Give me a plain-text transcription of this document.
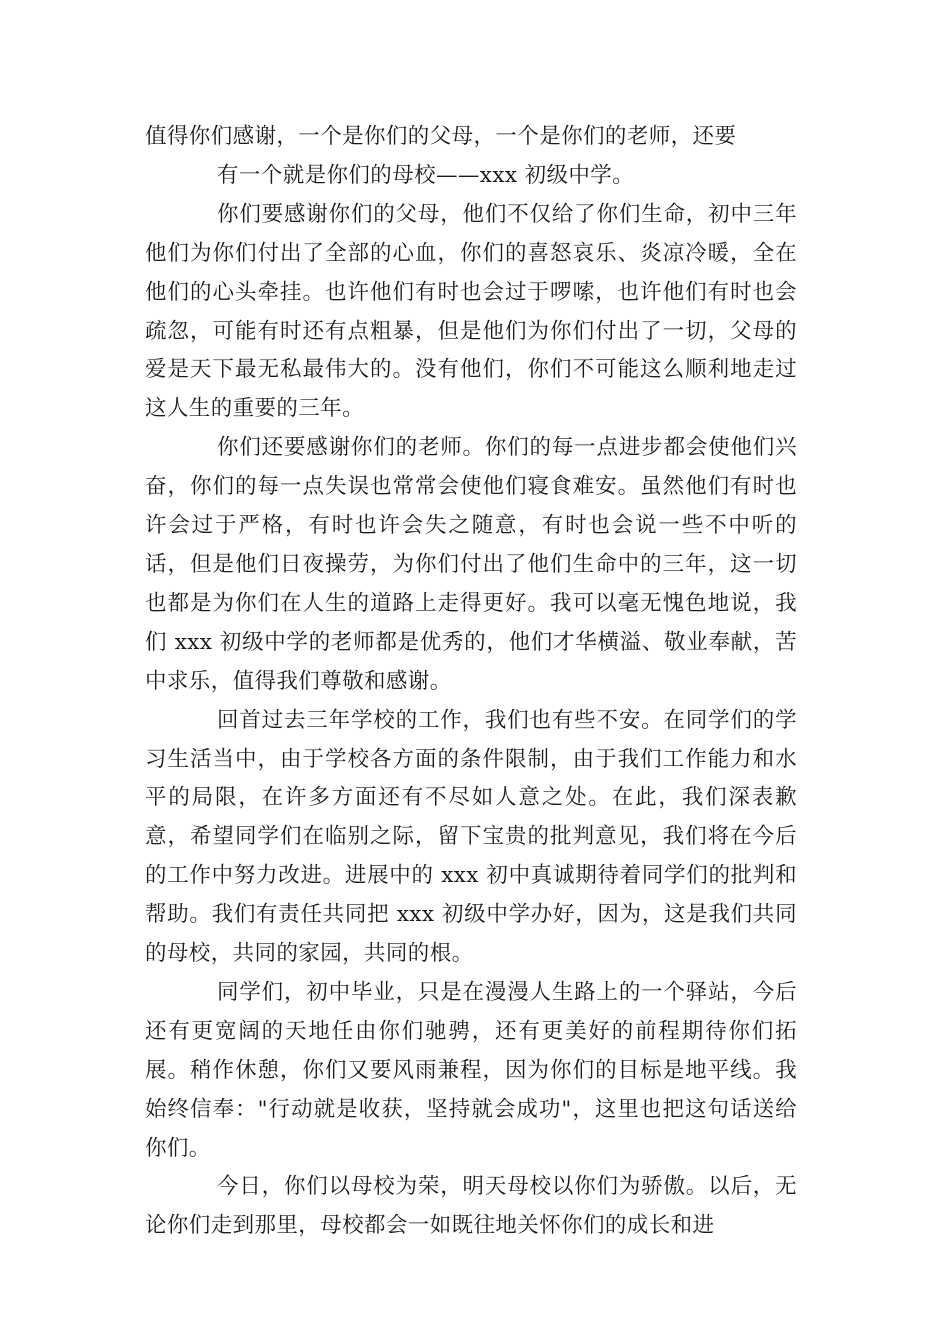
值得你们感谢，一个是你们的父母，一个是你们的老师，还要

有一个就是你们的母校——xxx 初级中学。

你们要感谢你们的父母，他们不仅给了你们生命，初中三年他们为你们付出了全部的心血，你们的喜怒哀乐、炎凉冷暖，全在他们的心头牵挂。也许他们有时也会过于啰嗦，也许他们有时也会疏忽，可能有时还有点粗暴，但是他们为你们付出了一切，父母的爱是天下最无私最伟大的。没有他们，你们不可能这么顺利地走过这人生的重要的三年。

你们还要感谢你们的老师。你们的每一点进步都会使他们兴奋，你们的每一点失误也常常会使他们寝食难安。虽然他们有时也许会过于严格，有时也许会失之随意，有时也会说一些不中听的话，但是他们日夜操劳，为你们付出了他们生命中的三年，这一切也都是为你们在人生的道路上走得更好。我可以毫无愧色地说，我们 xxx 初级中学的老师都是优秀的，他们才华横溢、敬业奉献，苦中求乐，值得我们尊敬和感谢。

回首过去三年学校的工作，我们也有些不安。在同学们的学习生活当中，由于学校各方面的条件限制，由于我们工作能力和水平的局限，在许多方面还有不尽如人意之处。在此，我们深表歉意，希望同学们在临别之际，留下宝贵的批判意见，我们将在今后的工作中努力改进。进展中的 xxx 初中真诚期待着同学们的批判和帮助。我们有责任共同把 xxx 初级中学办好，因为，这是我们共同的母校，共同的家园，共同的根。

同学们，初中毕业，只是在漫漫人生路上的一个驿站，今后还有更宽阔的天地任由你们驰骋，还有更美好的前程期待你们拓展。稍作休憩，你们又要风雨兼程，因为你们的目标是地平线。我始终信奉："行动就是收获，坚持就会成功"，这里也把这句话送给你们。

今日，你们以母校为荣，明天母校以你们为骄傲。以后，无论你们走到那里，母校都会一如既往地关怀你们的成长和进
